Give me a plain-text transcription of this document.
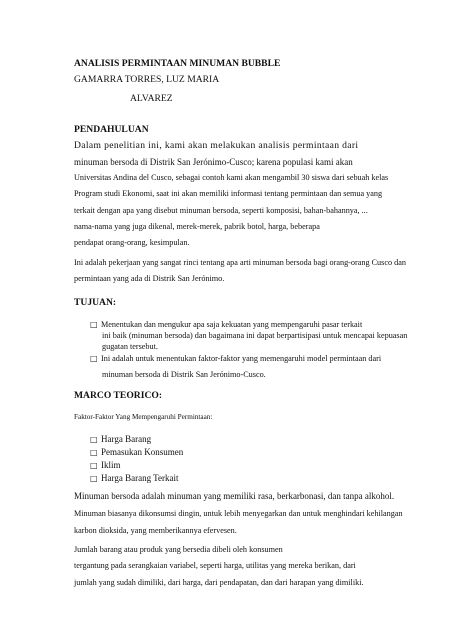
ANALISIS PERMINTAAN MINUMAN BUBBLE
GAMARRA TORRES, LUZ MARIA
ALVAREZ
PENDAHULUAN
Dalam penelitian ini, kami akan melakukan analisis permintaan dari
minuman bersoda di Distrik San Jerónimo-Cusco; karena populasi kami akan
Universitas Andina del Cusco, sebagai contoh kami akan mengambil 30 siswa dari sebuah kelas
Program studi Ekonomi, saat ini akan memiliki informasi tentang permintaan dan semua yang
terkait dengan apa yang disebut minuman bersoda, seperti komposisi, bahan-bahannya, ...
nama-nama yang juga dikenal, merek-merek, pabrik botol, harga, beberapa
pendapat orang-orang, kesimpulan.
Ini adalah pekerjaan yang sangat rinci tentang apa arti minuman bersoda bagi orang-orang Cusco dan
permintaan yang ada di Distrik San Jerónimo.
TUJUAN:
□ Menentukan dan mengukur apa saja kekuatan yang mempengaruhi pasar terkait
ini baik (minuman bersoda) dan bagaimana ini dapat berpartisipasi untuk mencapai kepuasan
gugatan tersebut.
□ Ini adalah untuk menentukan faktor-faktor yang memengaruhi model permintaan dari
minuman bersoda di Distrik San Jerónimo-Cusco.
MARCO TEORICO:
Faktor-Faktor Yang Mempengaruhi Permintaan:
□ Harga Barang
□ Pemasukan Konsumen
□ Iklim
□ Harga Barang Terkait
Minuman bersoda adalah minuman yang memiliki rasa, berkarbonasi, dan tanpa alkohol.
Minuman biasanya dikonsumsi dingin, untuk lebih menyegarkan dan untuk menghindari kehilangan
karbon dioksida, yang memberikannya efervesen.
Jumlah barang atau produk yang bersedia dibeli oleh konsumen
tergantung pada serangkaian variabel, seperti harga, utilitas yang mereka berikan, dari
jumlah yang sudah dimiliki, dari harga, dari pendapatan, dan dari harapan yang dimiliki.
